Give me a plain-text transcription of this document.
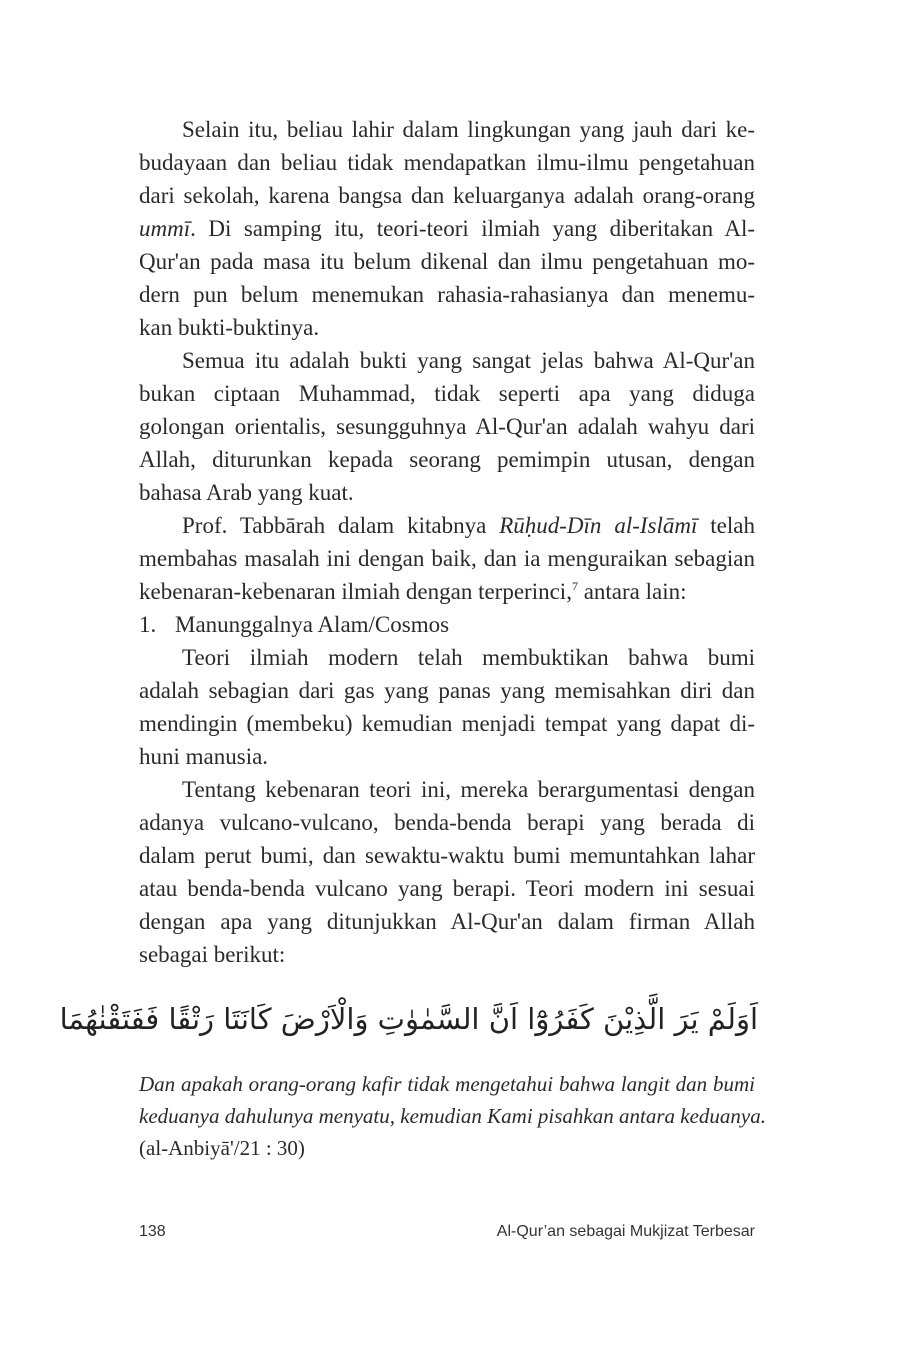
Selain itu, beliau lahir dalam lingkungan yang jauh dari ke-
budayaan dan beliau tidak mendapatkan ilmu-ilmu pengetahuan
dari sekolah, karena bangsa dan keluarganya adalah orang-orang
ummī. Di samping itu, teori-teori ilmiah yang diberitakan Al-
Qur'an pada masa itu belum dikenal dan ilmu pengetahuan mo-
dern pun belum menemukan rahasia-rahasianya dan menemu-
kan bukti-buktinya.
Semua itu adalah bukti yang sangat jelas bahwa Al-Qur'an
bukan ciptaan Muhammad, tidak seperti apa yang diduga
golongan orientalis, sesungguhnya Al-Qur'an adalah wahyu dari
Allah, diturunkan kepada seorang pemimpin utusan, dengan
bahasa Arab yang kuat.
Prof. Tabbārah dalam kitabnya Rūḥud-Dīn al-Islāmī telah
membahas masalah ini dengan baik, dan ia menguraikan sebagian
kebenaran-kebenaran ilmiah dengan terperinci,$^7$ antara lain:
1. Manunggalnya Alam/Cosmos
Teori ilmiah modern telah membuktikan bahwa bumi
adalah sebagian dari gas yang panas yang memisahkan diri dan
mendingin (membeku) kemudian menjadi tempat yang dapat di-
huni manusia.
Tentang kebenaran teori ini, mereka berargumentasi dengan
adanya vulcano-vulcano, benda-benda berapi yang berada di
dalam perut bumi, dan sewaktu-waktu bumi memuntahkan lahar
atau benda-benda vulcano yang berapi. Teori modern ini sesuai
dengan apa yang ditunjukkan Al-Qur'an dalam firman Allah
sebagai berikut:
اَوَلَمْ يَرَ الَّذِيْنَ كَفَرُوْٓا اَنَّ السَّمٰوٰتِ وَالْاَرْضَ كَانَتَا رَتْقًا فَفَتَقْنٰهُمَا
Dan apakah orang-orang kafir tidak mengetahui bahwa langit dan bumi
keduanya dahulunya menyatu, kemudian Kami pisahkan antara keduanya.
(al-Anbiyā'/21 : 30)
138	Al-Qur’an sebagai Mukjizat Terbesar
